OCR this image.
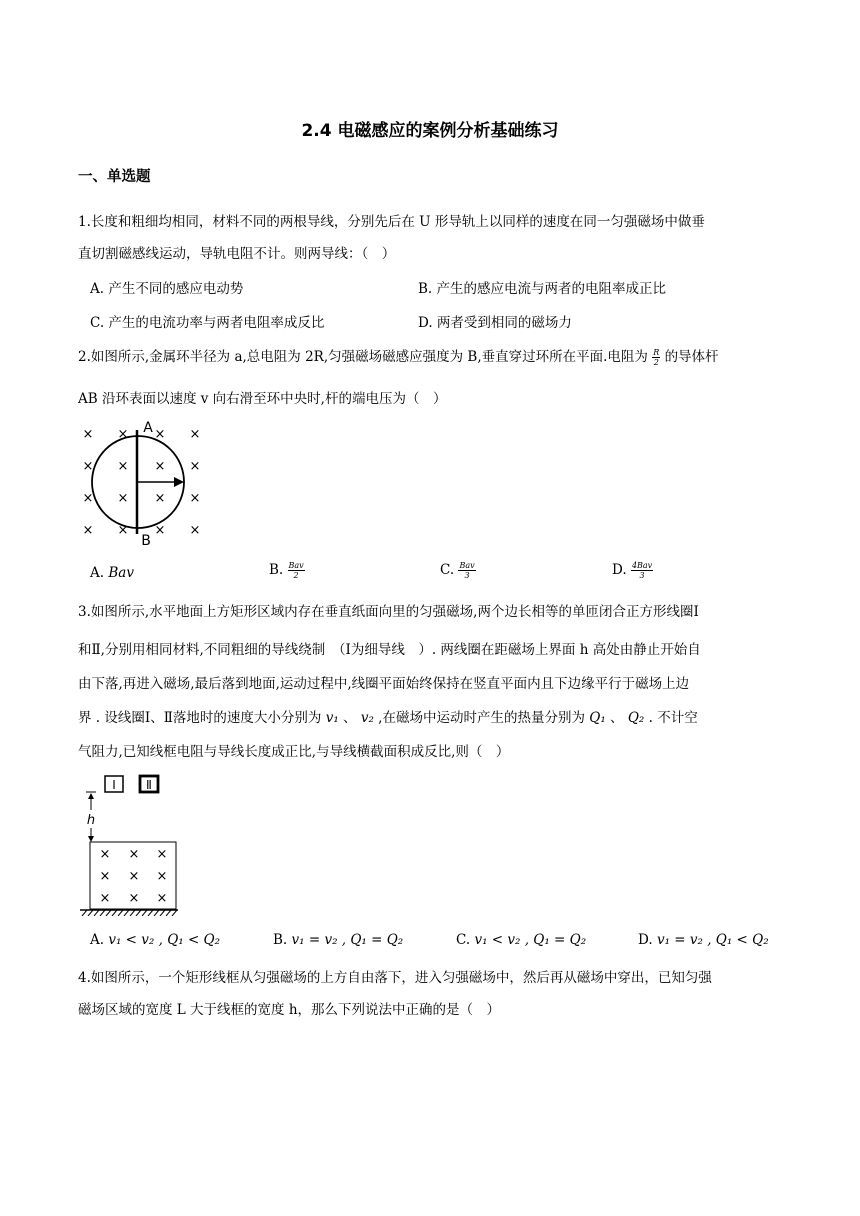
2.4 电磁感应的案例分析基础练习
一、单选题
1.长度和粗细均相同，材料不同的两根导线，分别先后在 U 形导轨上以同样的速度在同一匀强磁场中做垂
直切割磁感线运动，导轨电阻不计。则两导线：（　）
A. 产生不同的感应电动势	B. 产生的感应电流与两者的电阻率成正比
C. 产生的电流功率与两者电阻率成反比	D. 两者受到相同的磁场力
2.如图所示,金属环半径为 a,总电阻为 2R,匀强磁场磁感应强度为 B,垂直穿过环所在平面.电阻为 $\frac{R}{2}$ 的导体杆
AB 沿环表面以速度 v 向右滑至环中央时,杆的端电压为（　）
× × × ×
× × × ×
× × × ×
× × × ×
A
B
A. Bav	B. $\frac{\text{Bav}}{2}$	C. $\frac{\text{Bav}}{3}$	D. $\frac{\text{4Bav}}{3}$
3.如图所示,水平地面上方矩形区域内存在垂直纸面向里的匀强磁场,两个边长相等的单匝闭合正方形线圈Ⅰ
和Ⅱ,分别用相同材料,不同粗细的导线绕制　（Ⅰ为细导线　）. 两线圈在距磁场上界面 h 高处由静止开始自
由下落,再进入磁场,最后落到地面,运动过程中,线圈平面始终保持在竖直平面内且下边缘平行于磁场上边
界 . 设线圈Ⅰ、Ⅱ落地时的速度大小分别为 v₁ 、 v₂ ,在磁场中运动时产生的热量分别为 Q₁ 、 Q₂ . 不计空
气阻力,已知线框电阻与导线长度成正比,与导线横截面积成反比,则（　）
Ⅰ	Ⅱ
h
× × ×
× × ×
× × ×
A. v₁ < v₂ , Q₁ < Q₂	B. v₁ = v₂ , Q₁ = Q₂	C. v₁ < v₂ , Q₁ = Q₂	D. v₁ = v₂ , Q₁ < Q₂
4.如图所示，一个矩形线框从匀强磁场的上方自由落下，进入匀强磁场中，然后再从磁场中穿出，已知匀强
磁场区域的宽度 L 大于线框的宽度 h，那么下列说法中正确的是（　）
